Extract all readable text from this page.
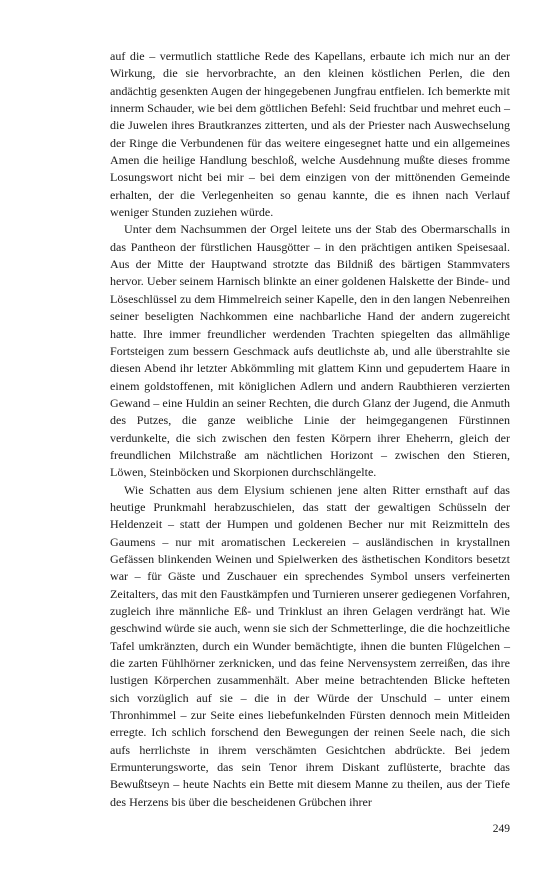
auf die – vermutlich stattliche Rede des Kapellans, erbaute ich mich nur an der Wirkung, die sie hervorbrachte, an den kleinen köstlichen Perlen, die den andächtig gesenkten Augen der hingegebenen Jungfrau entfielen. Ich bemerkte mit innerm Schauder, wie bei dem göttlichen Befehl: Seid fruchtbar und mehret euch – die Juwelen ihres Brautkranzes zitterten, und als der Priester nach Auswechselung der Ringe die Verbundenen für das weitere eingesegnet hatte und ein allgemeines Amen die heilige Handlung beschloß, welche Ausdehnung mußte dieses fromme Losungswort nicht bei mir – bei dem einzigen von der mittönenden Gemeinde erhalten, der die Verlegenheiten so genau kannte, die es ihnen nach Verlauf weniger Stunden zuziehen würde.

Unter dem Nachsummen der Orgel leitete uns der Stab des Obermarschalls in das Pantheon der fürstlichen Hausgötter – in den prächtigen antiken Speisesaal. Aus der Mitte der Hauptwand strotzte das Bildniß des bärtigen Stammvaters hervor. Ueber seinem Harnisch blinkte an einer goldenen Halskette der Binde- und Löseschlüssel zu dem Himmelreich seiner Kapelle, den in den langen Nebenreihen seiner beseligten Nachkommen eine nachbarliche Hand der andern zugereicht hatte. Ihre immer freundlicher werdenden Trachten spiegelten das allmählige Fortsteigen zum bessern Geschmack aufs deutlichste ab, und alle überstrahlte sie diesen Abend ihr letzter Abkömmling mit glattem Kinn und gepudertem Haare in einem goldstoffenen, mit königlichen Adlern und andern Raubthieren verzierten Gewand – eine Huldin an seiner Rechten, die durch Glanz der Jugend, die Anmuth des Putzes, die ganze weibliche Linie der heimgegangenen Fürstinnen verdunkelte, die sich zwischen den festen Körpern ihrer Eheherrn, gleich der freundlichen Milchstraße am nächtlichen Horizont – zwischen den Stieren, Löwen, Steinböcken und Skorpionen durchschlängelte.

Wie Schatten aus dem Elysium schienen jene alten Ritter ernsthaft auf das heutige Prunkmahl herabzuschielen, das statt der gewaltigen Schüsseln der Heldenzeit – statt der Humpen und goldenen Becher nur mit Reizmitteln des Gaumens – nur mit aromatischen Leckereien – ausländischen in krystallnen Gefässen blinkenden Weinen und Spielwerken des ästhetischen Konditors besetzt war – für Gäste und Zuschauer ein sprechendes Symbol unsers verfeinerten Zeitalters, das mit den Faustkämpfen und Turnieren unserer gediegenen Vorfahren, zugleich ihre männliche Eß- und Trinklust an ihren Gelagen verdrängt hat. Wie geschwind würde sie auch, wenn sie sich der Schmetterlinge, die die hochzeitliche Tafel umkränzten, durch ein Wunder bemächtigte, ihnen die bunten Flügelchen – die zarten Fühlhörner zerknicken, und das feine Nervensystem zerreißen, das ihre lustigen Körperchen zusammenhält. Aber meine betrachtenden Blicke hefteten sich vorzüglich auf sie – die in der Würde der Unschuld – unter einem Thronhimmel – zur Seite eines liebefunkelnden Fürsten dennoch mein Mitleiden erregte. Ich schlich forschend den Bewegungen der reinen Seele nach, die sich aufs herrlichste in ihrem verschämten Gesichtchen abdrückte. Bei jedem Ermunterungsworte, das sein Tenor ihrem Diskant zuflüsterte, brachte das Bewußtseyn – heute Nachts ein Bette mit diesem Manne zu theilen, aus der Tiefe des Herzens bis über die bescheidenen Grübchen ihrer

249
